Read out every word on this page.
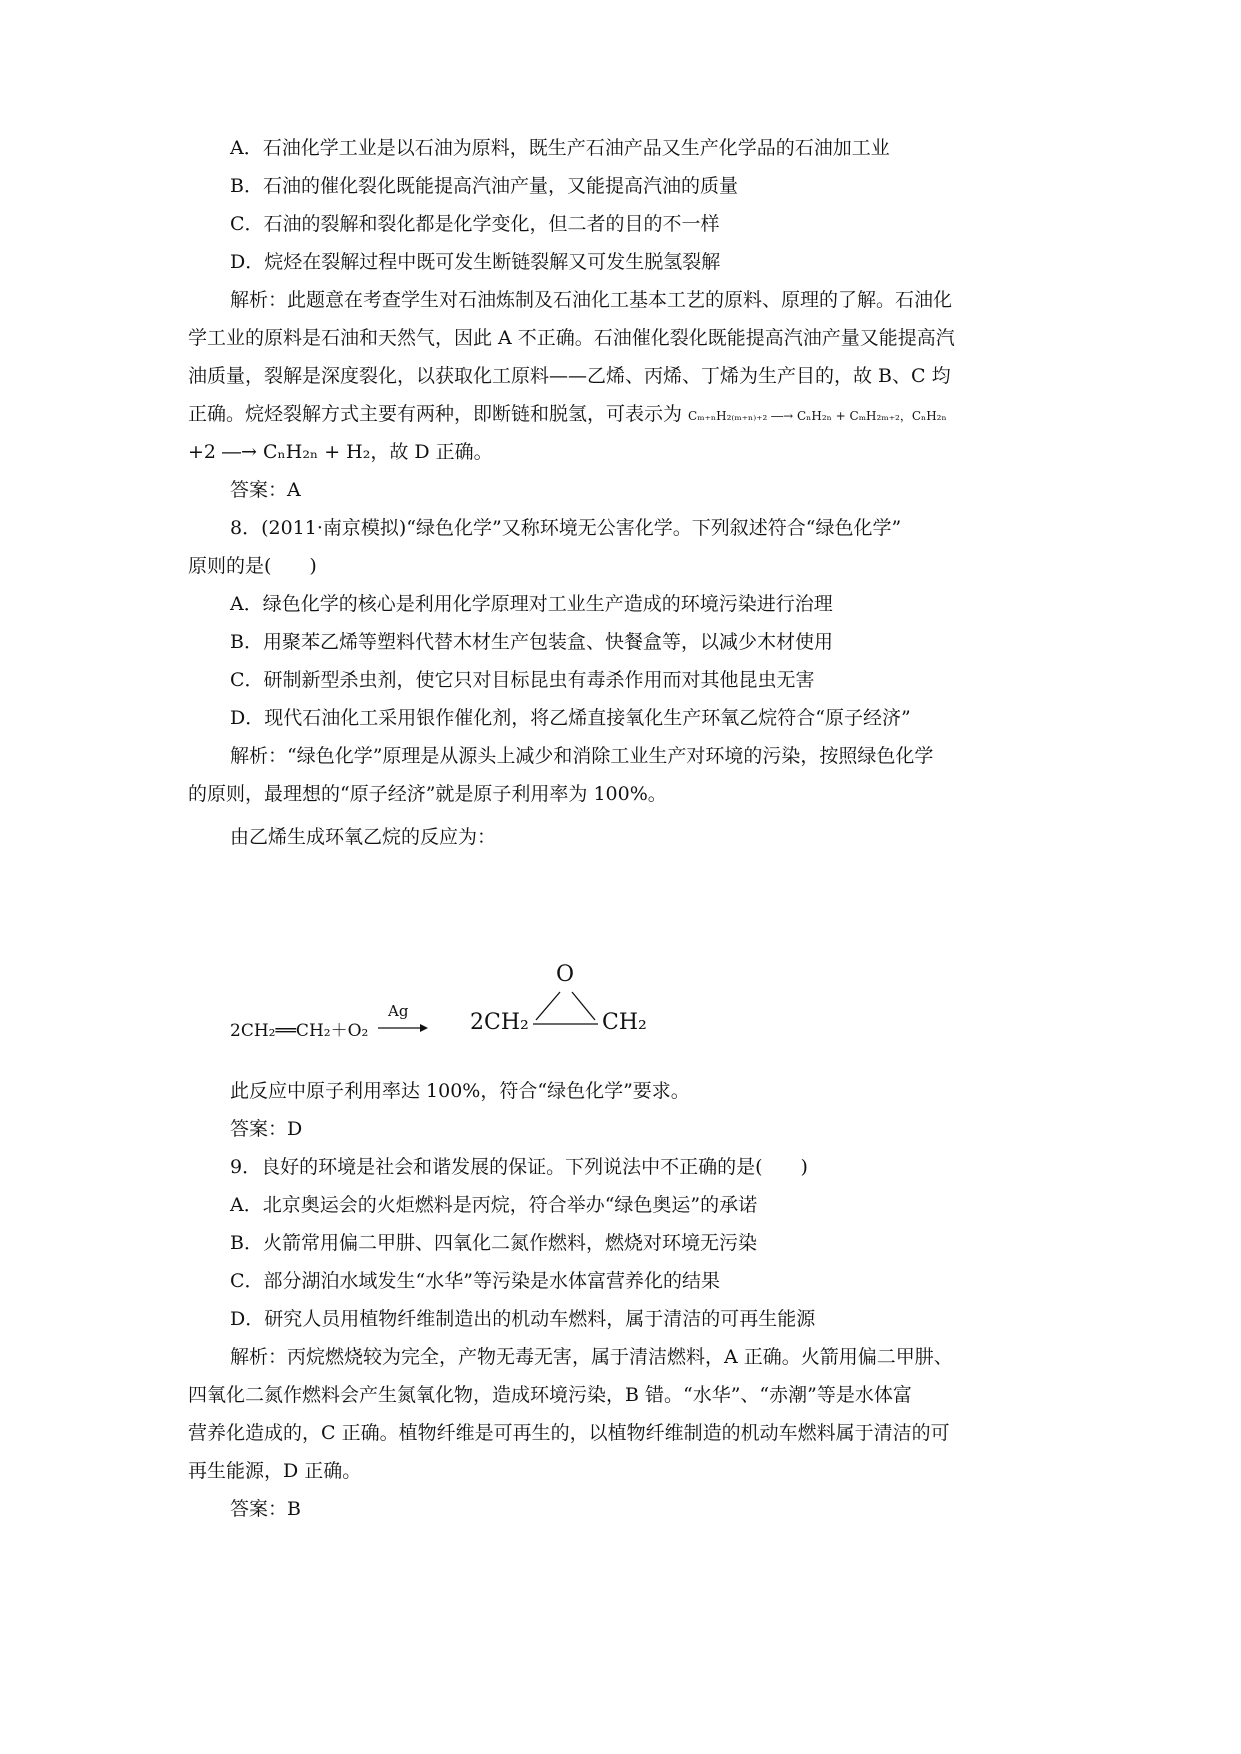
A．石油化学工业是以石油为原料，既生产石油产品又生产化学品的石油加工业
B．石油的催化裂化既能提高汽油产量，又能提高汽油的质量
C．石油的裂解和裂化都是化学变化，但二者的目的不一样
D．烷烃在裂解过程中既可发生断链裂解又可发生脱氢裂解
解析：此题意在考查学生对石油炼制及石油化工基本工艺的原料、原理的了解。石油化
学工业的原料是石油和天然气，因此 A 不正确。石油催化裂化既能提高汽油产量又能提高汽
油质量，裂解是深度裂化，以获取化工原料——乙烯、丙烯、丁烯为生产目的，故 B、C 均
正确。烷烃裂解方式主要有两种，即断链和脱氢，可表示为 Cₘ₊ₙH₂₍ₘ₊ₙ₎₊₂ ―→ CₙH₂ₙ + CₘH₂ₘ₊₂，CₙH₂ₙ
+2 ―→ CₙH₂ₙ + H₂，故 D 正确。
答案：A
8．(2011·南京模拟)“绿色化学”又称环境无公害化学。下列叙述符合“绿色化学”
原则的是(　　)
A．绿色化学的核心是利用化学原理对工业生产造成的环境污染进行治理
B．用聚苯乙烯等塑料代替木材生产包装盒、快餐盒等，以减少木材使用
C．研制新型杀虫剂，使它只对目标昆虫有毒杀作用而对其他昆虫无害
D．现代石油化工采用银作催化剂，将乙烯直接氧化生产环氧乙烷符合“原子经济”
解析：“绿色化学”原理是从源头上减少和消除工业生产对环境的污染，按照绿色化学
的原则，最理想的“原子经济”就是原子利用率为 100%。
由乙烯生成环氧乙烷的反应为：
2CH₂══CH₂＋O₂
Ag	2CH₂
O
CH₂
此反应中原子利用率达 100%，符合“绿色化学”要求。
答案：D
9．良好的环境是社会和谐发展的保证。下列说法中不正确的是(　　)
A．北京奥运会的火炬燃料是丙烷，符合举办“绿色奥运”的承诺
B．火箭常用偏二甲肼、四氧化二氮作燃料，燃烧对环境无污染
C．部分湖泊水域发生“水华”等污染是水体富营养化的结果
D．研究人员用植物纤维制造出的机动车燃料，属于清洁的可再生能源
解析：丙烷燃烧较为完全，产物无毒无害，属于清洁燃料，A 正确。火箭用偏二甲肼、
四氧化二氮作燃料会产生氮氧化物，造成环境污染，B 错。“水华”、“赤潮”等是水体富
营养化造成的，C 正确。植物纤维是可再生的，以植物纤维制造的机动车燃料属于清洁的可
再生能源，D 正确。
答案：B
